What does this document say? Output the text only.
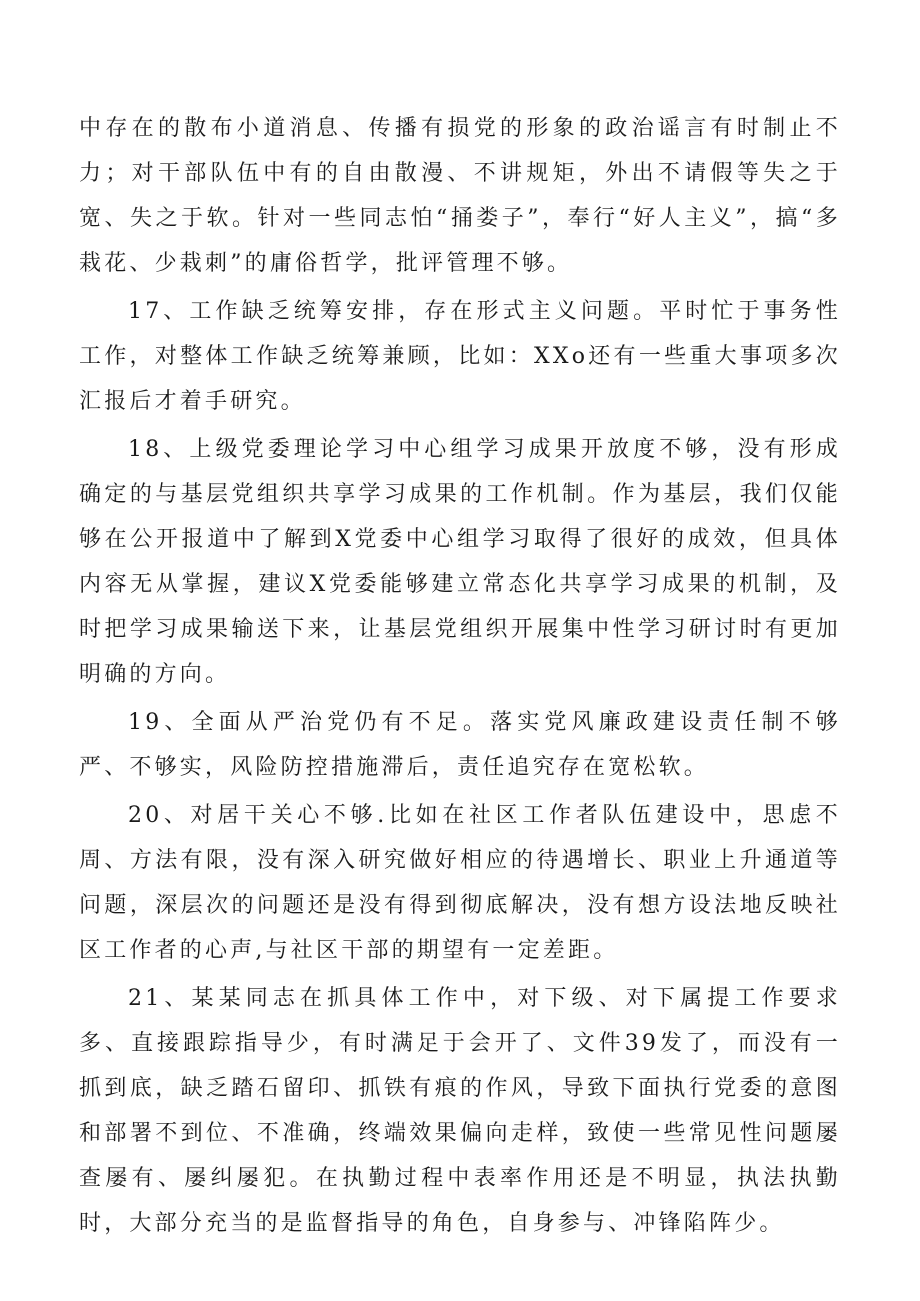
中存在的散布小道消息、传播有损党的形象的政治谣言有时制止不力；对干部队伍中有的自由散漫、不讲规矩，外出不请假等失之于宽、失之于软。针对一些同志怕“捅娄子”，奉行“好人主义”，搞“多栽花、少栽刺”的庸俗哲学，批评管理不够。

17、工作缺乏统筹安排，存在形式主义问题。平时忙于事务性工作，对整体工作缺乏统筹兼顾，比如：XXo还有一些重大事项多次汇报后才着手研究。

18、上级党委理论学习中心组学习成果开放度不够，没有形成确定的与基层党组织共享学习成果的工作机制。作为基层，我们仅能够在公开报道中了解到X党委中心组学习取得了很好的成效，但具体内容无从掌握，建议X党委能够建立常态化共享学习成果的机制，及时把学习成果输送下来，让基层党组织开展集中性学习研讨时有更加明确的方向。

19、全面从严治党仍有不足。落实党风廉政建设责任制不够严、不够实，风险防控措施滞后，责任追究存在宽松软。

20、对居干关心不够.比如在社区工作者队伍建设中，思虑不周、方法有限，没有深入研究做好相应的待遇增长、职业上升通道等问题，深层次的问题还是没有得到彻底解决，没有想方设法地反映社区工作者的心声,与社区干部的期望有一定差距。

21、某某同志在抓具体工作中，对下级、对下属提工作要求多、直接跟踪指导少，有时满足于会开了、文件39发了，而没有一抓到底，缺乏踏石留印、抓铁有痕的作风，导致下面执行党委的意图和部署不到位、不准确，终端效果偏向走样，致使一些常见性问题屡查屡有、屡纠屡犯。在执勤过程中表率作用还是不明显，执法执勤时，大部分充当的是监督指导的角色，自身参与、冲锋陷阵少。
